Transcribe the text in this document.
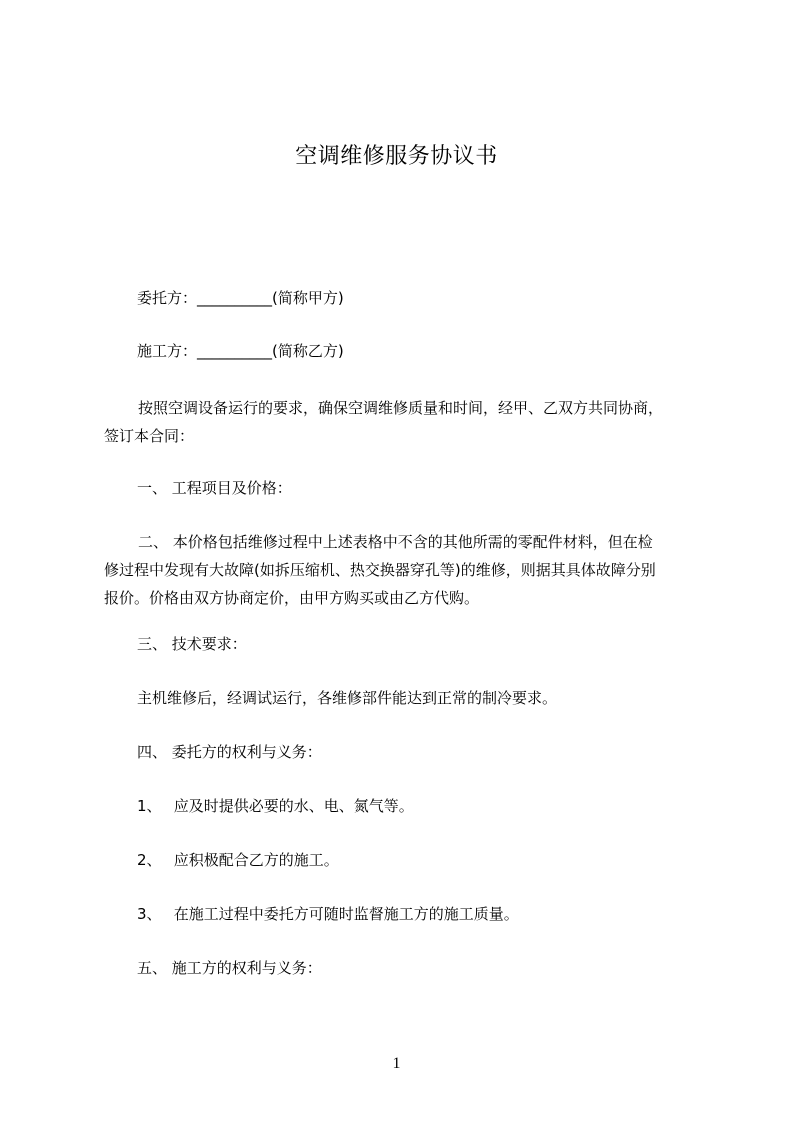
空调维修服务协议书
委托方：__________(简称甲方)
施工方：__________(简称乙方)
按照空调设备运行的要求，确保空调维修质量和时间，经甲、乙双方共同协商，
签订本合同：
一、 工程项目及价格：
二、 本价格包括维修过程中上述表格中不含的其他所需的零配件材料，但在检
修过程中发现有大故障(如拆压缩机、热交换器穿孔等)的维修，则据其具体故障分别
报价。价格由双方协商定价，由甲方购买或由乙方代购。
三、 技术要求：
主机维修后，经调试运行，各维修部件能达到正常的制冷要求。
四、 委托方的权利与义务：
1、 应及时提供必要的水、电、氮气等。
2、 应积极配合乙方的施工。
3、 在施工过程中委托方可随时监督施工方的施工质量。
五、 施工方的权利与义务：
1
